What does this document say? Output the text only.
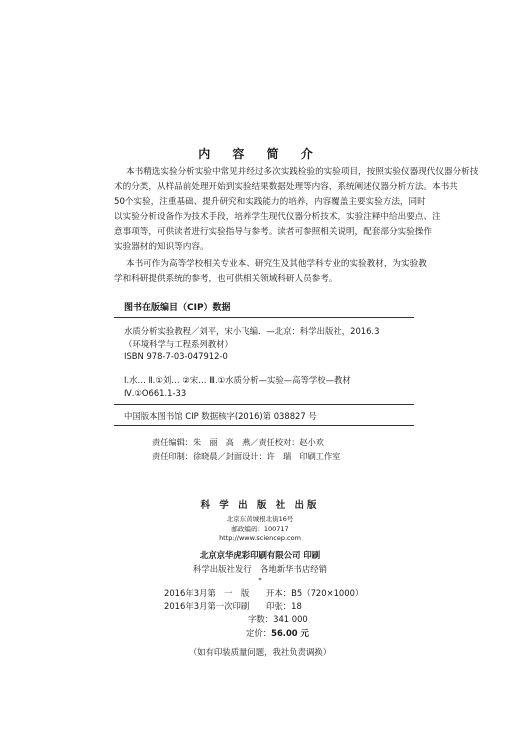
内 容 简 介
本书精选实验分析实验中常见并经过多次实践检验的实验项目，按照实验仪器现代仪器分析技
术的分类，从样品前处理开始到实验结果数据处理等内容，系统阐述仪器分析方法。本书共
50个实验，注重基础、提升研究和实践能力的培养，内容覆盖主要实验方法，同时
以实验分析设备作为技术手段，培养学生现代仪器分析技术，实验注释中给出要点、注
意事项等，可供读者进行实验指导与参考。读者可参照相关说明，配套部分实验操作
实验器材的知识等内容。
本书可作为高等学校相关专业本、研究生及其他学科专业的实验教材，为实验教
学和科研提供系统的参考，也可供相关领域科研人员参考。
图书在版编目（CIP）数据
水质分析实验教程／刘平，宋小飞编．—北京：科学出版社，2016.3
（环境科学与工程系列教材）
ISBN 978-7-03-047912-0
Ⅰ.水… Ⅱ.①刘… ②宋… Ⅲ.①水质分析—实验—高等学校—教材
Ⅳ.①O661.1-33
中国版本图书馆 CIP 数据核字(2016)第 038827 号
责任编辑：朱　丽　高　燕／责任校对：赵小欢
责任印制：徐晓晨／封面设计：许　瑞　印刷工作室
科 学 出 版 社 出版
北京东黄城根北街16号
邮政编码：100717
http://www.sciencep.com
北京京华虎彩印刷有限公司 印刷
科学出版社发行　各地新华书店经销
*
2016年3月第　一　版　　开本：B5（720×1000）
2016年3月第一次印刷　　印张：18
字数：341 000
定价：56.00 元
（如有印装质量问题，我社负责调换）
